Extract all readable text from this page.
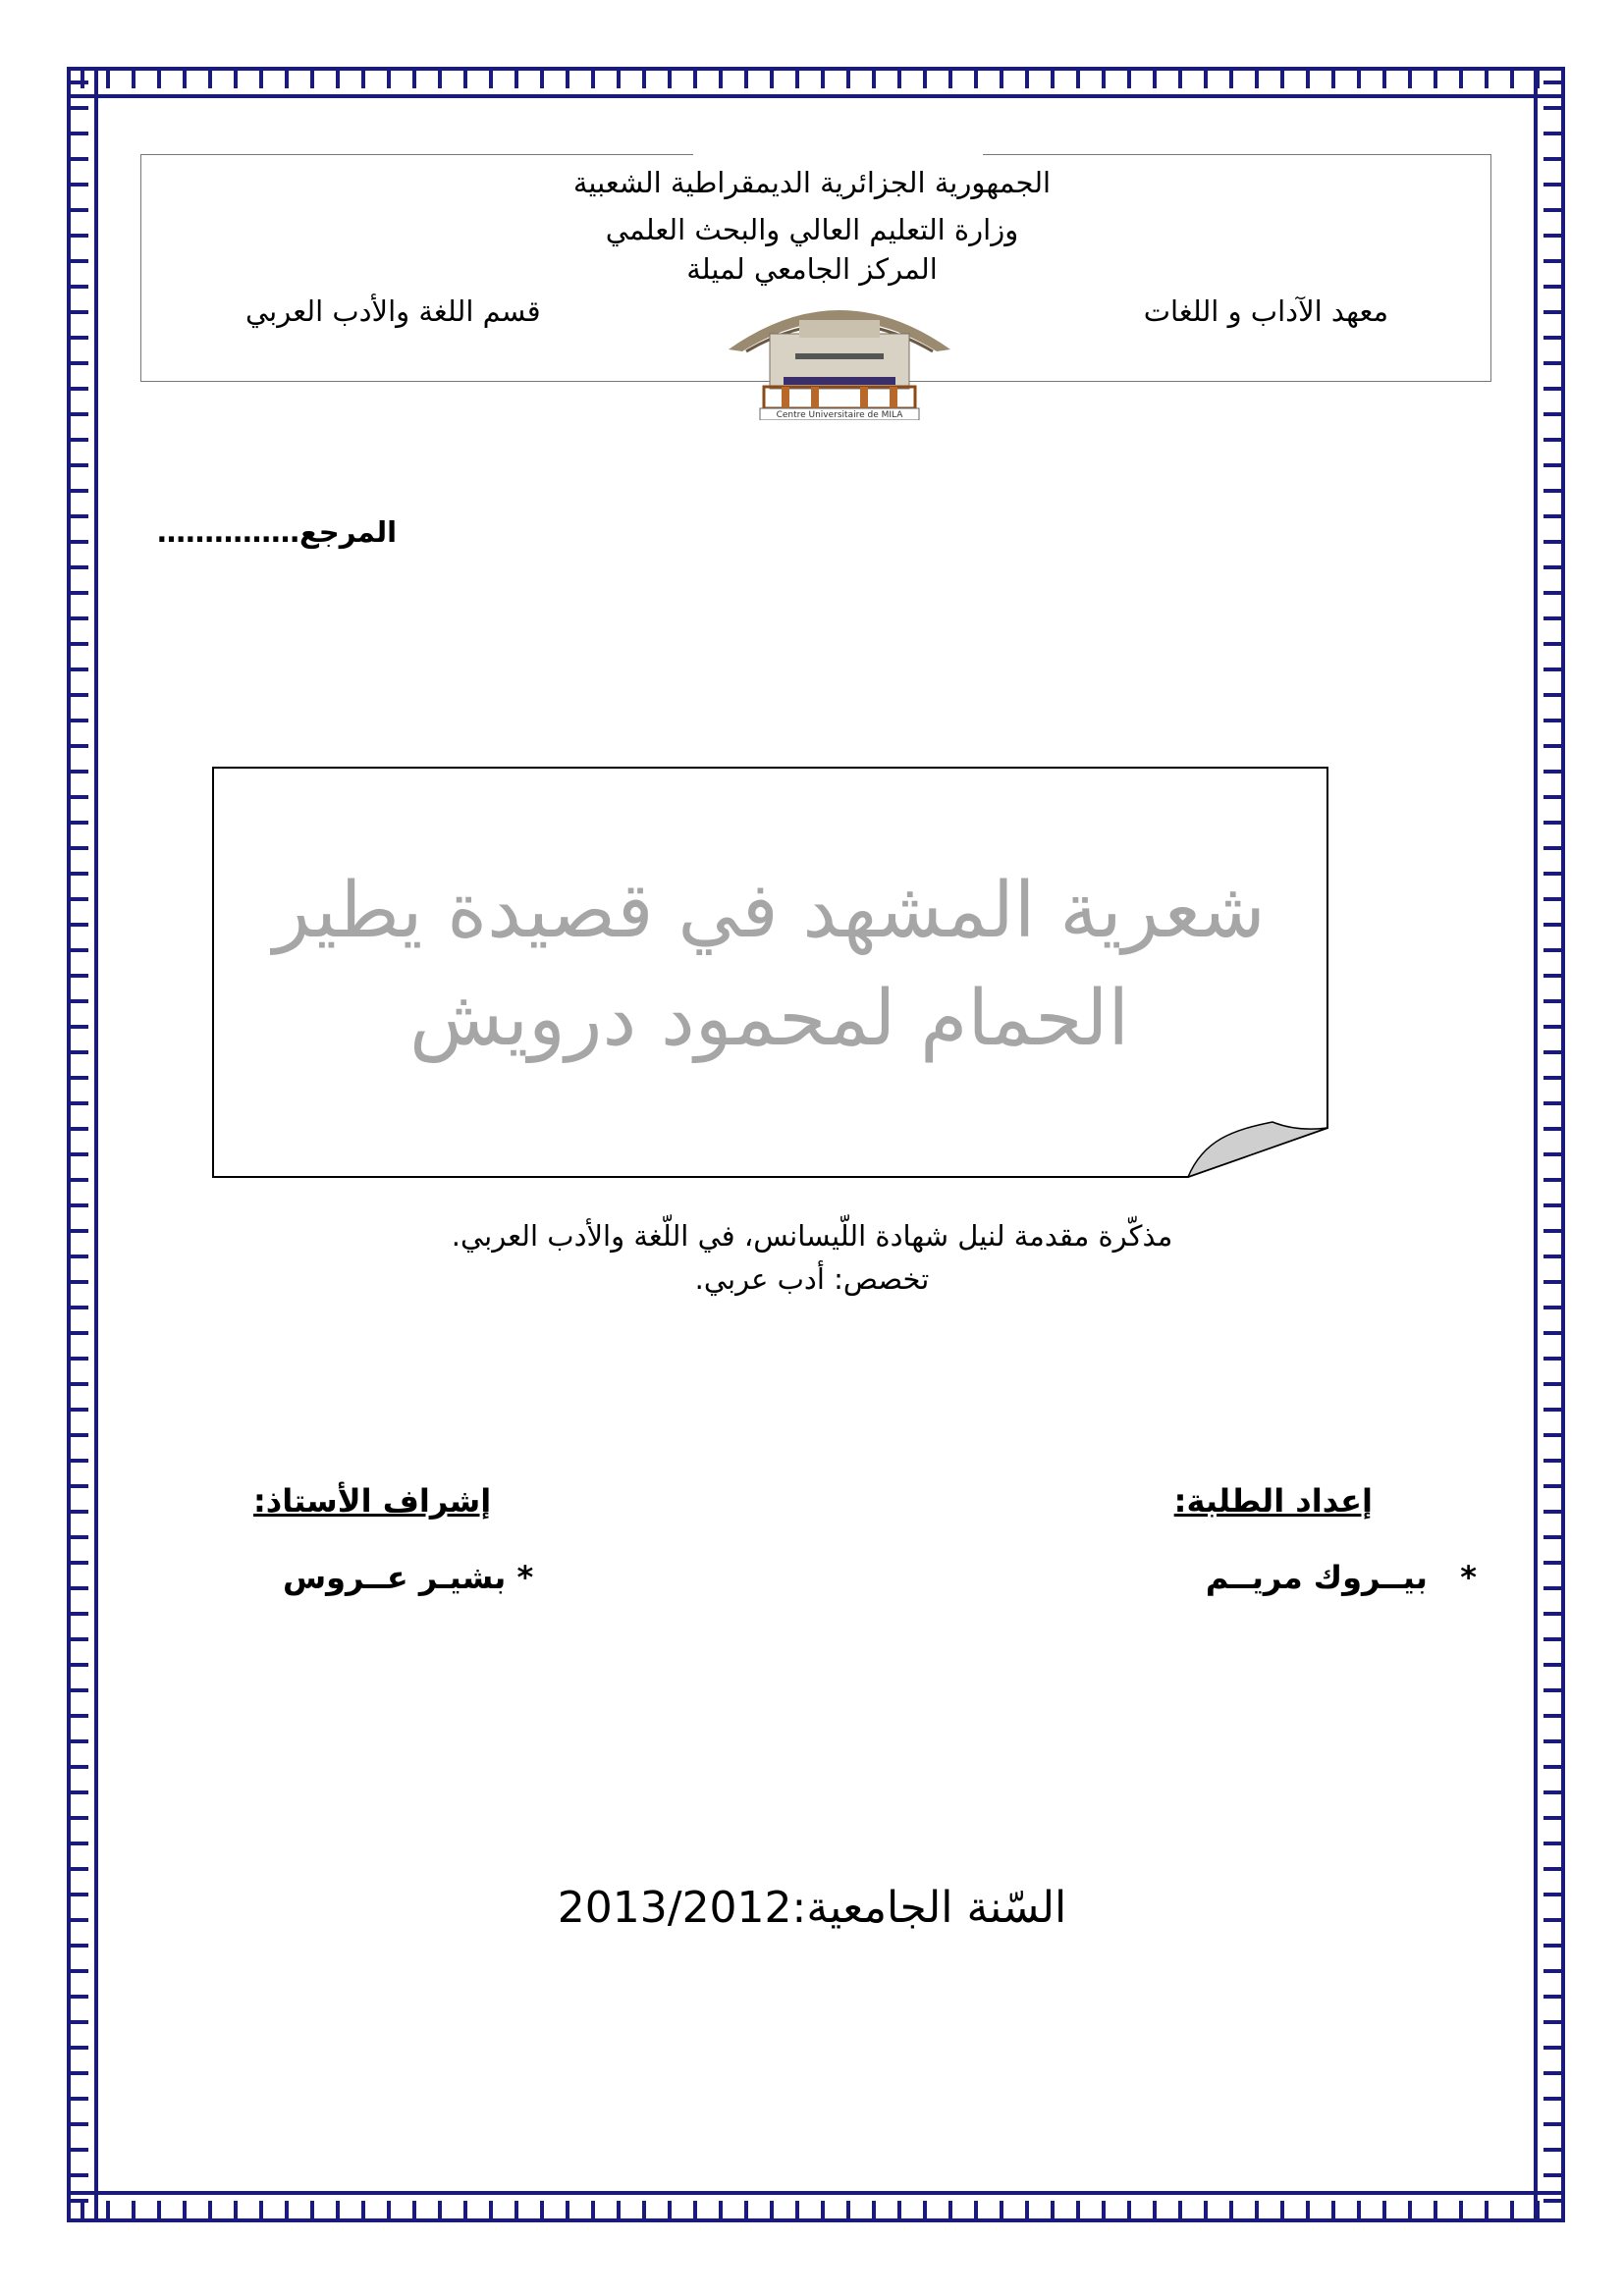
الجمهورية الجزائرية الديمقراطية الشعبية
وزارة التعليم العالي والبحث العلمي
المركز الجامعي لميلة
معهد الآداب و اللغات
قسم اللغة والأدب العربي
Centre Universitaire de MILA
المرجع……………
شعرية المشهد في قصيدة يطير
الحمام لمحمود درويش
مذكّرة مقدمة لنيل شهادة اللّيسانس، في اللّغة والأدب العربي.
تخصص: أدب عربي.
إعداد الطلبة:
إشراف الأستاذ:
*   بيــروك مريــم
* بشيـر عــروس
السّنة الجامعية:2013/2012
